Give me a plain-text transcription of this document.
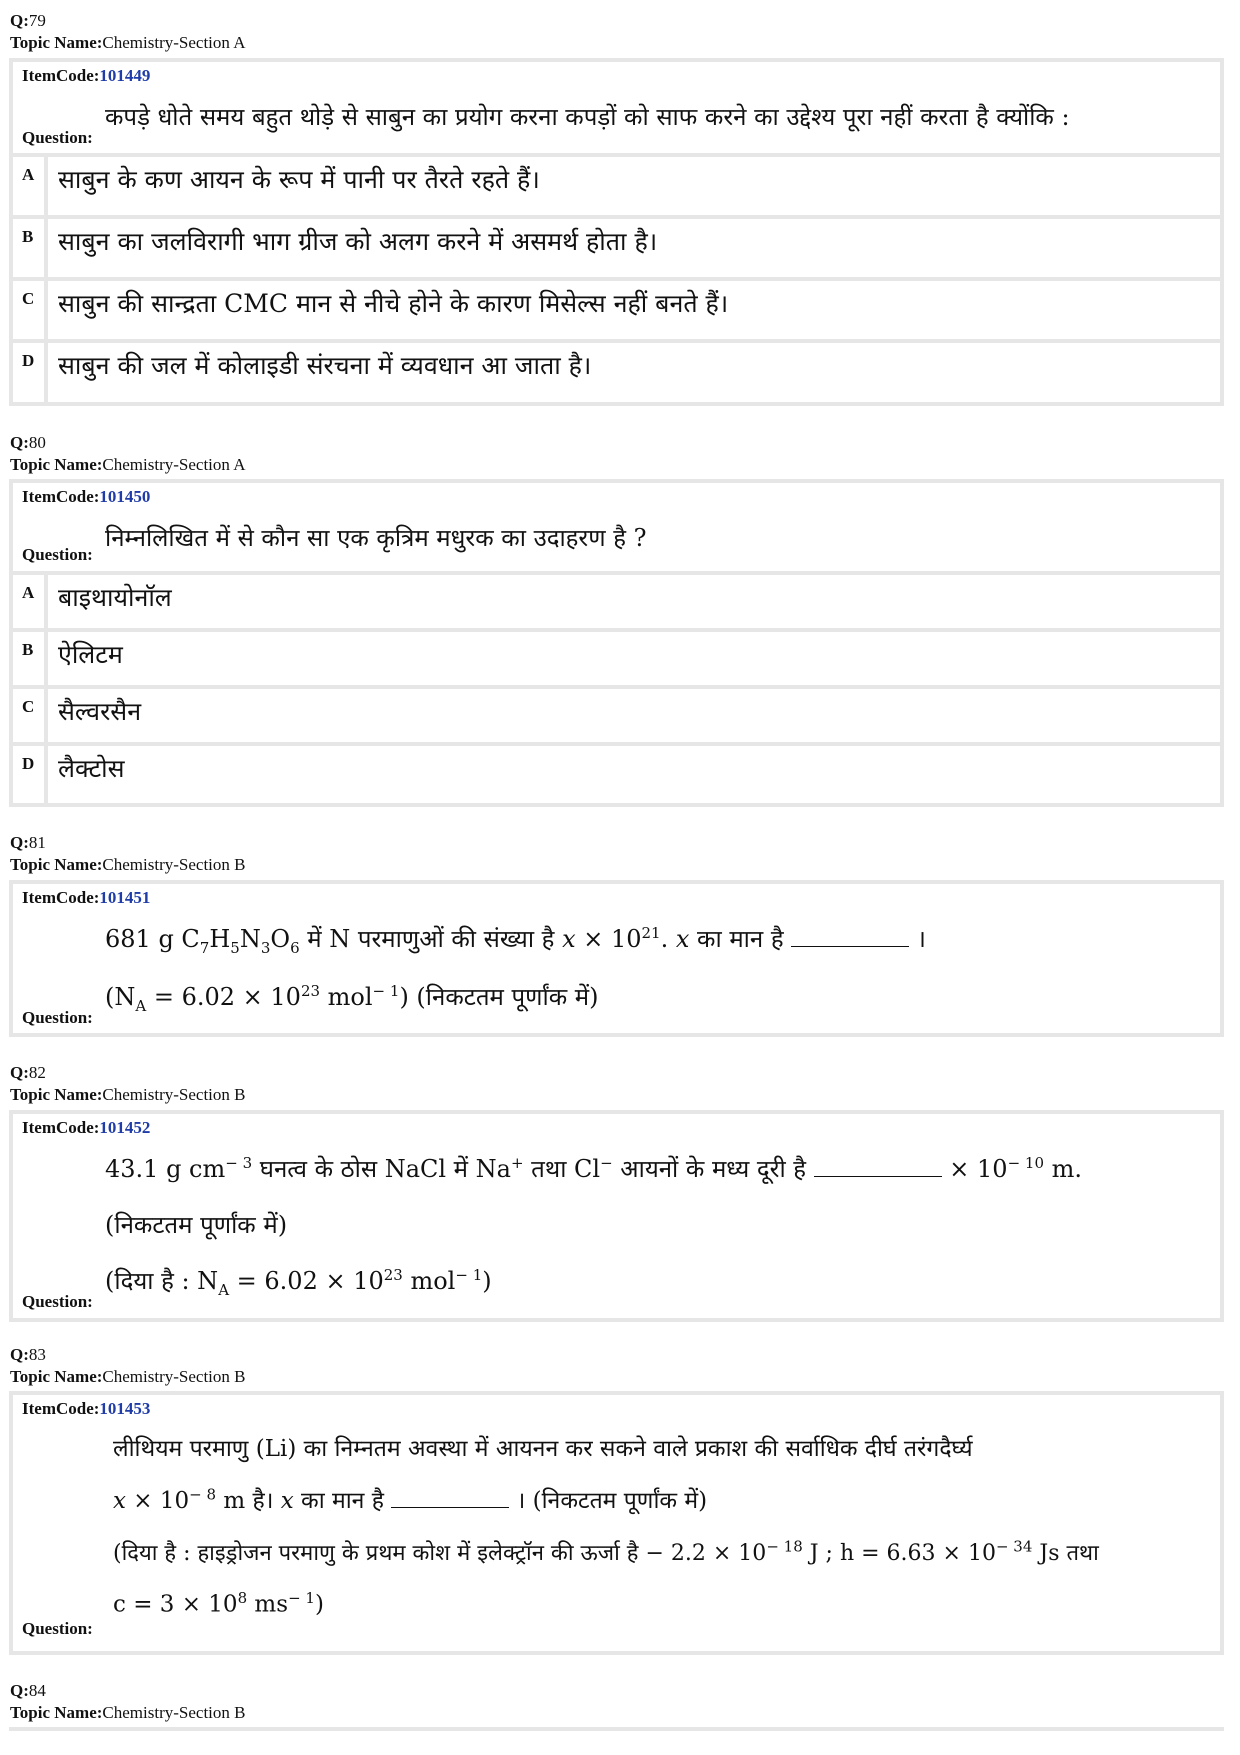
Q:79
Topic Name:Chemistry-Section A
ItemCode:101449
कपड़े धोते समय बहुत थोड़े से साबुन का प्रयोग करना कपड़ों को साफ करने का उद्देश्य पूरा नहीं करता है क्योंकि :
Question:
A साबुन के कण आयन के रूप में पानी पर तैरते रहते हैं।
B साबुन का जलविरागी भाग ग्रीज को अलग करने में असमर्थ होता है।
C साबुन की सान्द्रता CMC मान से नीचे होने के कारण मिसेल्स नहीं बनते हैं।
D साबुन की जल में कोलाइडी संरचना में व्यवधान आ जाता है।
Q:80
Topic Name:Chemistry-Section A
ItemCode:101450
निम्नलिखित में से कौन सा एक कृत्रिम मधुरक का उदाहरण है ?
Question:
A बाइथायोनॉल
B ऐलिटम
C सैल्वरसैन
D लैक्टोस
Q:81
Topic Name:Chemistry-Section B
ItemCode:101451
681 g $C_7H_5N_3O_6$ में N परमाणुओं की संख्या है $x \times 10^{21}$. x का मान है	।
($N_A = 6.02 \times 10^{23}$ mol$^{- 1}$) (निकटतम पूर्णांक में)
Question:
Q:82
Topic Name:Chemistry-Section B
ItemCode:101452
43.1 g $cm^{- 3}$ घनत्व के ठोस NaCl में Na+ तथा Cl− आयनों के मध्य दूरी है	× $10^{- 10}$ m.
(निकटतम पूर्णांक में)
(दिया है : $N_A = 6.02 \times 10^{23}$ mol$^{- 1}$)
Question:
Q:83
Topic Name:Chemistry-Section B
ItemCode:101453
लीथियम परमाणु (Li) का निम्नतम अवस्था में आयनन कर सकने वाले प्रकाश की सर्वाधिक दीर्घ तरंगदैर्घ्य
$x \times 10^{- 8}$ m है। x का मान है	। (निकटतम पूर्णांक में)
(दिया है : हाइड्रोजन परमाणु के प्रथम कोश में इलेक्ट्रॉन की ऊर्जा है − $2.2 \times 10^{- 18}$ J ; $h = 6.63 \times 10^{- 34}$ Js तथा
$c = 3 \times 10^8$ $ms^{- 1}$)
Question:
Q:84
Topic Name:Chemistry-Section B
